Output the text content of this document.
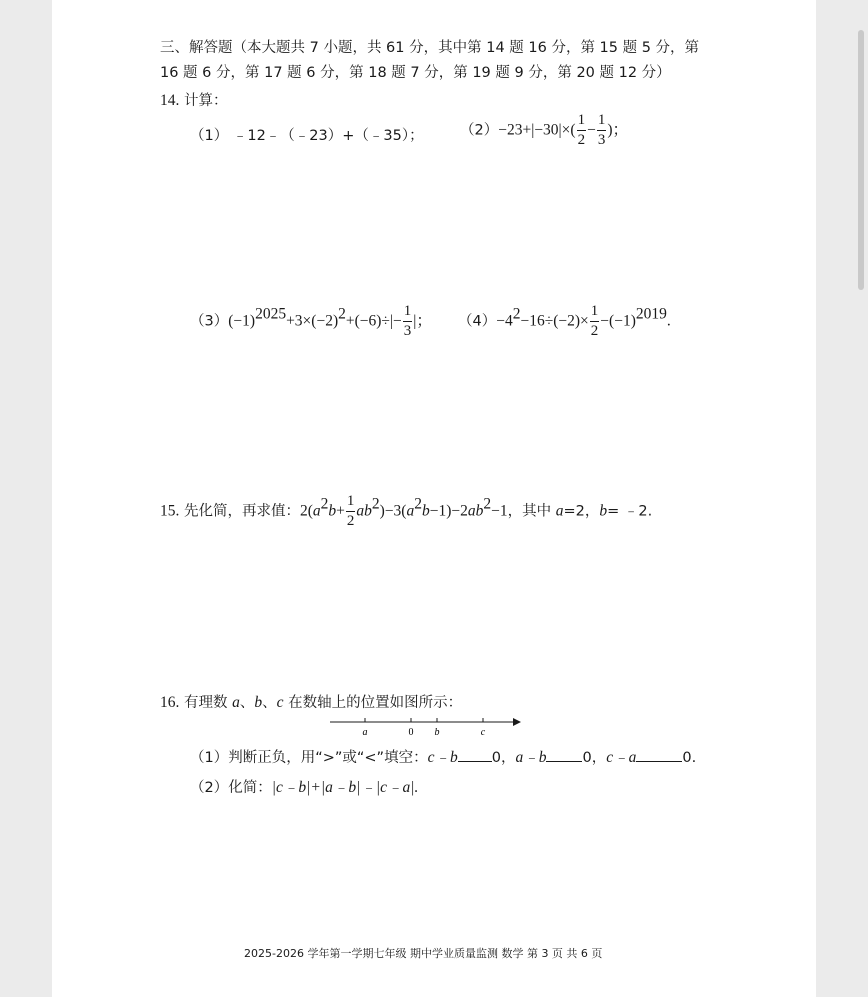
三、解答题（本大题共 7 小题，共 61 分，其中第 14 题 16 分，第 15 题 5 分，第
16 题 6 分，第 17 题 6 分，第 18 题 7 分，第 19 题 9 分，第 20 题 12 分）
14. 计算：
（1） ﹣12﹣（﹣23）+（﹣35）；	$(2)-23+|-30|\times( \frac{1}{2} - \frac{1}{3}$ )；
$(3)(-1)^{2025}+3\times(-2)^2+(-6)\div|- \frac{1}{3}$ |； $(4)-4^2-16\div(-2)\times \frac{1}{2} -(-1)^{2019}$.
15. 先化简，再求值：$2(a^2b+ \frac{1}{2} ab^2)-3(a^2b-1)-2ab^2-1$，其中 a=2，b= ﹣2.
16. 有理数 a、b、c 在数轴上的位置如图所示：
a	0 b	c
（1）判断正负，用“>”或“<”填空：c﹣b 0，a﹣b 0，c﹣a	0.
（2）化简：|c﹣b|+|a﹣b|﹣|c﹣a|.
2025-2026 学年第一学期七年级 期中学业质量监测 数学 第 3 页 共 6 页
